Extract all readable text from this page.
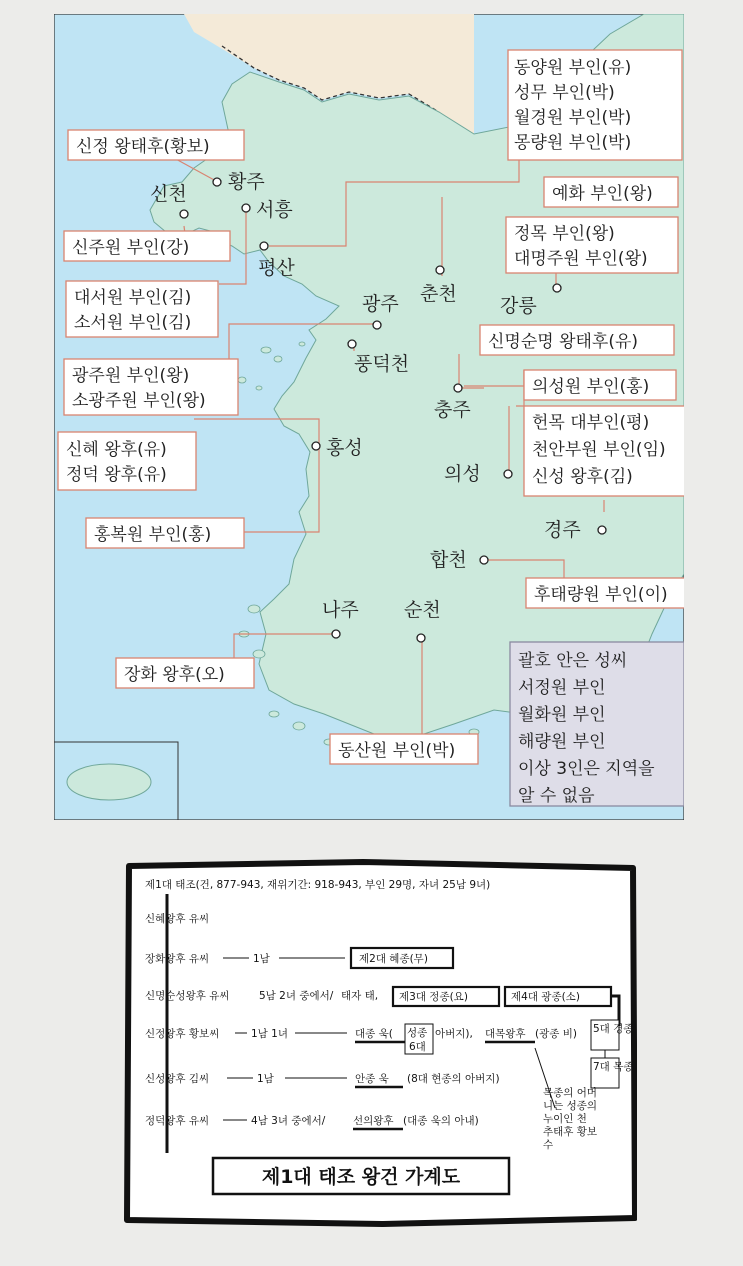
황주
신천
서흥
평산
광주 춘천
강릉
풍덕천
충주
홍성
의성
경주
합천
나주 순천
동양원 부인(유)
성무 부인(박)
월경원 부인(박)
몽량원 부인(박)
신정 왕태후(황보)
예화 부인(왕)
정목 부인(왕)
대명주원 부인(왕)
신주원 부인(강)
대서원 부인(김)
소서원 부인(김)
신명순명 왕태후(유)
광주원 부인(왕)
소광주원 부인(왕)
의성원 부인(홍)
헌목 대부인(평)
천안부원 부인(임)
신성 왕후(김)
신혜 왕후(유)
정덕 왕후(유)
홍복원 부인(홍)
후태량원 부인(이)
괄호 안은 성씨
서정원 부인
월화원 부인
해량원 부인
이상 3인은 지역을
알 수 없음
장화 왕후(오)
동산원 부인(박)
제1대 태조(건, 877-943, 재위기간: 918-943, 부인 29명, 자녀 25남 9녀)
신혜왕후 유씨
장화왕후 유씨	1남	제2대 혜종(무)
신명순성왕후 유씨	5남 2녀 중에서/ 태자 태, 제3대 정종(요)	제4대 광종(소)
신정왕후 황보씨	1남 1녀	대종 욱( 성종
6대
아버지), 대목왕후 (광종 비) 5대 경종
7대 목종
신성왕후 김씨	1남	안종 욱 (8대 현종의 아버지)
정덕왕후 유씨	4남 3녀 중에서/	선의왕후 (대종 욱의 아내)
목종의 어머
니는 성종의
누이인 천
추태후 황보
수
제1대 태조 왕건 가계도
